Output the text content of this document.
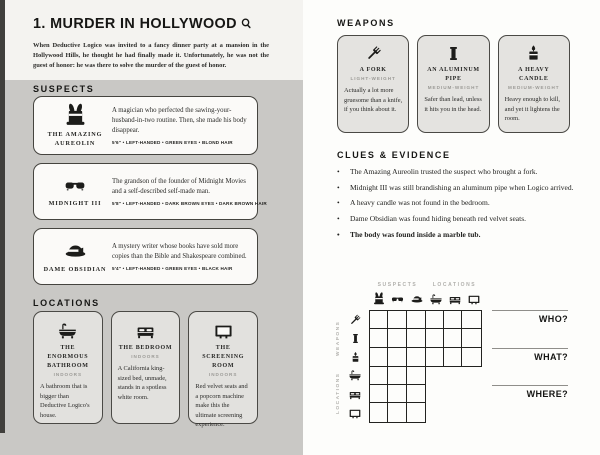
1. MURDER IN HOLLYWOOD
When Deductive Logico was invited to a fancy dinner party at a mansion in the Hollywood Hills, he thought he had finally made it. Unfortunately, he was not the guest of honor: he was there to solve the murder of the guest of honor.
SUSPECTS
THE AMAZING AUREOLIN
A magician who perfected the sawing-your-husband-in-two routine. Then, she made his body disappear.
5'6" • LEFT-HANDED • GREEN EYES • BLOND HAIR
MIDNIGHT III
The grandson of the founder of Midnight Movies and a self-described self-made man.
5'8" • LEFT-HANDED • DARK BROWN EYES • DARK BROWN HAIR
DAME OBSIDIAN
A mystery writer whose books have sold more copies than the Bible and Shakespeare combined.
5'4" • LEFT-HANDED • GREEN EYES • BLACK HAIR
LOCATIONS
THE ENORMOUS BATHROOM
INDOORS
A bathroom that is bigger than Deductive Logico's house.
THE BEDROOM
INDOORS
A California king-sized bed, unmade, stands in a spotless white room.
THE SCREENING ROOM
INDOORS
Red velvet seats and a popcorn machine make this the ultimate screening experience.
WEAPONS
A FORK
LIGHT-WEIGHT
Actually a lot more gruesome than a knife, if you think about it.
AN ALUMINUM PIPE
MEDIUM-WEIGHT
Safer than lead, unless it hits you in the head.
A HEAVY CANDLE
MEDIUM-WEIGHT
Heavy enough to kill, and yet it lightens the room.
CLUES & EVIDENCE
•	The Amazing Aureolin trusted the suspect who brought a fork.
•	Midnight III was still brandishing an aluminum pipe when Logico arrived.
•	A heavy candle was not found in the bedroom.
•	Dame Obsidian was found hiding beneath red velvet seats.
•	The body was found inside a marble tub.
SUSPECTS	LOCATIONS
WEAPONS
LOCATIONS
WHO?
WHAT?
WHERE?
